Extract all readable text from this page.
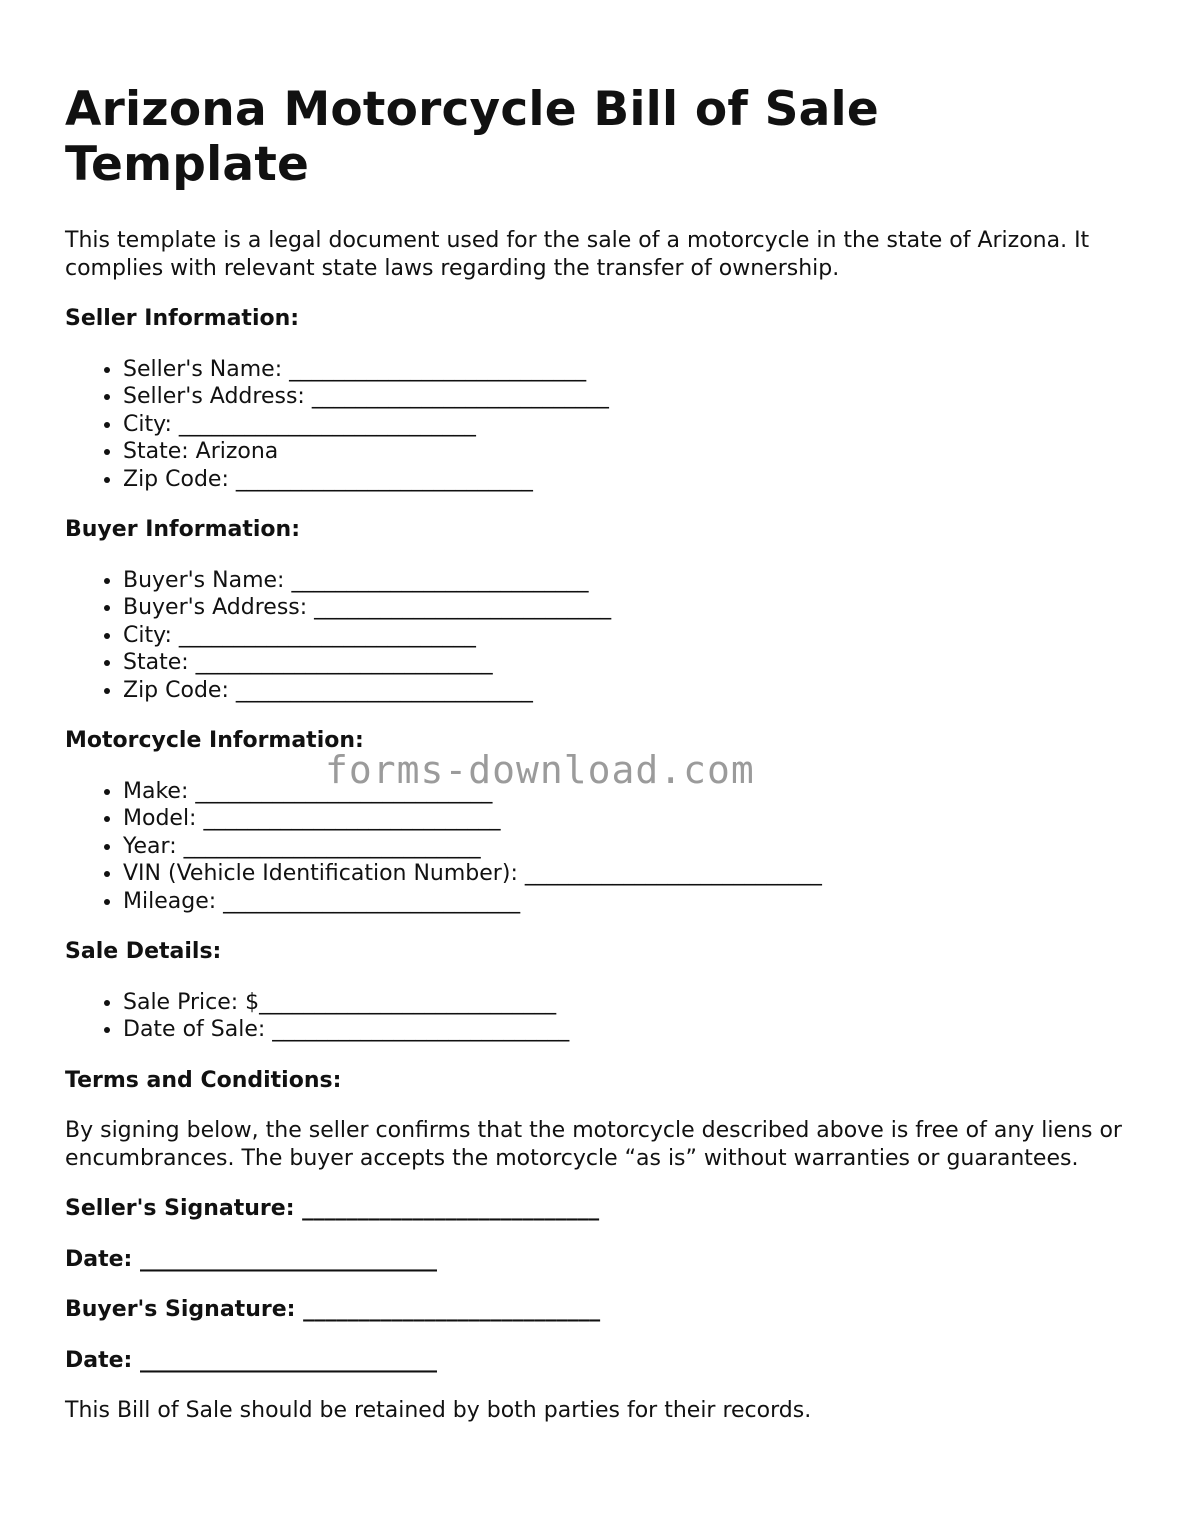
Arizona Motorcycle Bill of Sale Template

This template is a legal document used for the sale of a motorcycle in the state of Arizona. It complies with relevant state laws regarding the transfer of ownership.

Seller Information:
• Seller's Name: ___________________________
• Seller's Address: ___________________________
• City: ___________________________
• State: Arizona
• Zip Code: ___________________________
Buyer Information:
• Buyer's Name: ___________________________
• Buyer's Address: ___________________________
• City: ___________________________
• State: ___________________________
• Zip Code: ___________________________
Motorcycle Information:
• Make: ___________________________
• Model: ___________________________
• Year: ___________________________
• VIN (Vehicle Identification Number): ___________________________
• Mileage: ___________________________
Sale Details:
• Sale Price: $___________________________
• Date of Sale: ___________________________
Terms and Conditions:

By signing below, the seller confirms that the motorcycle described above is free of any liens or encumbrances. The buyer accepts the motorcycle “as is” without warranties or guarantees.

Seller's Signature: ___________________________
Date: ___________________________
Buyer's Signature: ___________________________
Date: ___________________________

This Bill of Sale should be retained by both parties for their records.

forms-download.com
